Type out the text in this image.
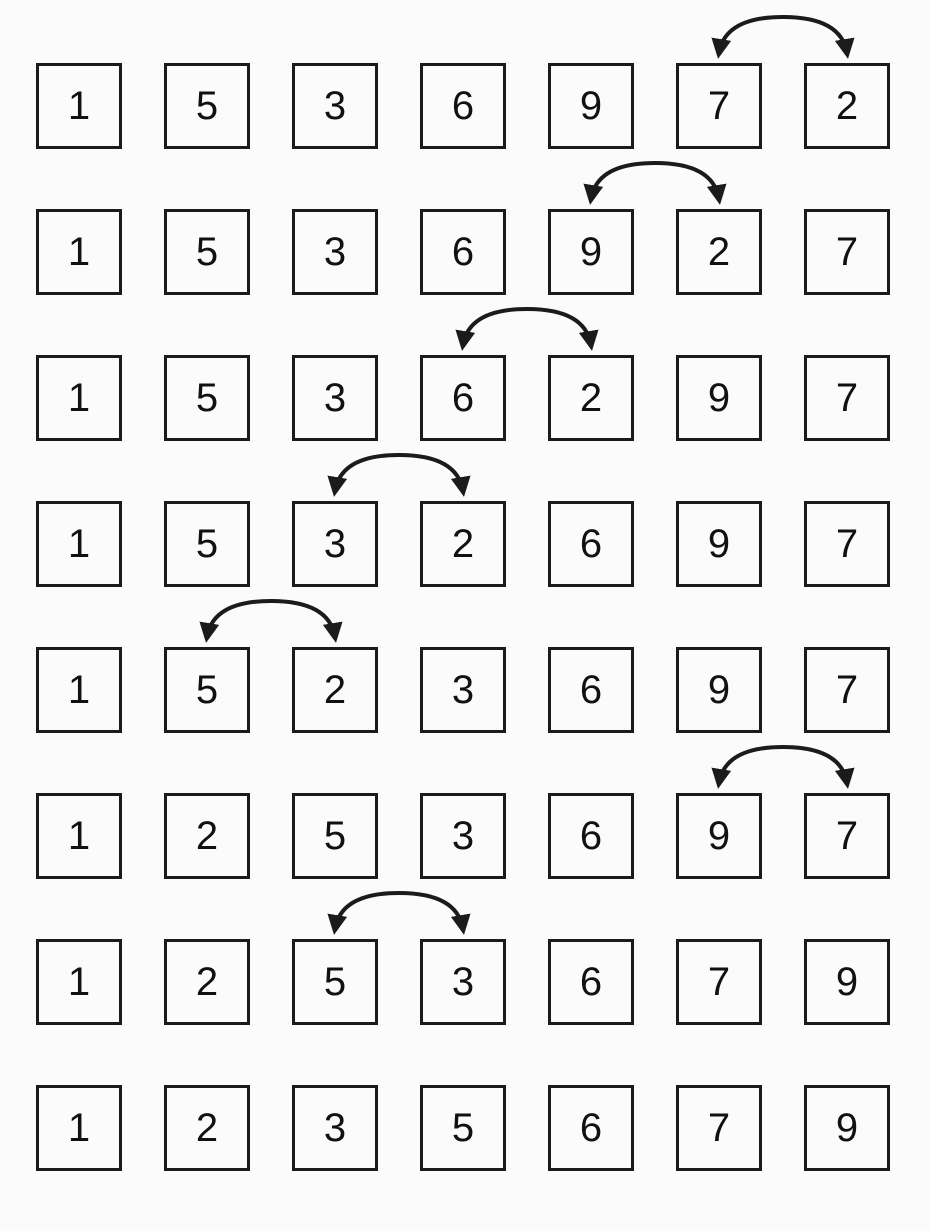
1	5	3	6	9	7	2
1	5	3	6	9	2	7
1	5	3	6	2	9	7
1	5	3	2	6	9	7
1	5	2	3	6	9	7
1	2	5	3	6	9	7
1	2	5	3	6	7	9
1	2	3	5	6	7	9
